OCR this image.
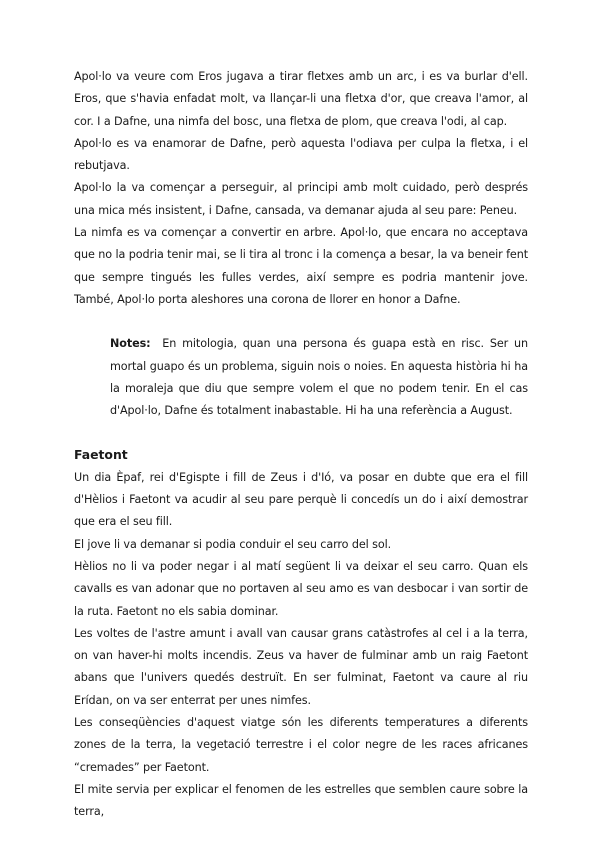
Apol·lo va veure com Eros jugava a tirar fletxes amb un arc, i es va burlar d'ell. Eros, que s'havia enfadat molt, va llançar-li una fletxa d'or, que creava l'amor, al cor. I a Dafne, una nimfa del bosc, una fletxa de plom, que creava l'odi, al cap.

Apol·lo es va enamorar de Dafne, però aquesta l'odiava per culpa la fletxa, i el rebutjava.

Apol·lo la va començar a perseguir, al principi amb molt cuidado, però després una mica més insistent, i Dafne, cansada, va demanar ajuda al seu pare: Peneu.

La nimfa es va començar a convertir en arbre. Apol·lo, que encara no acceptava que no la podria tenir mai, se li tira al tronc i la comença a besar, la va beneir fent que sempre tingués les fulles verdes, així sempre es podria mantenir jove. També, Apol·lo porta aleshores una corona de llorer en honor a Dafne.

Notes: En mitologia, quan una persona és guapa està en risc. Ser un mortal guapo és un problema, siguin nois o noies. En aquesta història hi ha la moraleja que diu que sempre volem el que no podem tenir. En el cas d'Apol·lo, Dafne és totalment inabastable. Hi ha una referència a August.

Faetont

Un dia Èpaf, rei d'Egispte i fill de Zeus i d'Ió, va posar en dubte que era el fill d'Hèlios i Faetont va acudir al seu pare perquè li concedís un do i així demostrar que era el seu fill.

El jove li va demanar si podia conduir el seu carro del sol.

Hèlios no li va poder negar i al matí següent li va deixar el seu carro. Quan els cavalls es van adonar que no portaven al seu amo es van desbocar i van sortir de la ruta. Faetont no els sabia dominar.

Les voltes de l'astre amunt i avall van causar grans catàstrofes al cel i a la terra, on van haver-hi molts incendis. Zeus va haver de fulminar amb un raig Faetont abans que l'univers quedés destruït. En ser fulminat, Faetont va caure al riu Erídan, on va ser enterrat per unes nimfes.

Les conseqüències d'aquest viatge són les diferents temperatures a diferents zones de la terra, la vegetació terrestre i el color negre de les races africanes “cremades” per Faetont.

El mite servia per explicar el fenomen de les estrelles que semblen caure sobre la terra,
